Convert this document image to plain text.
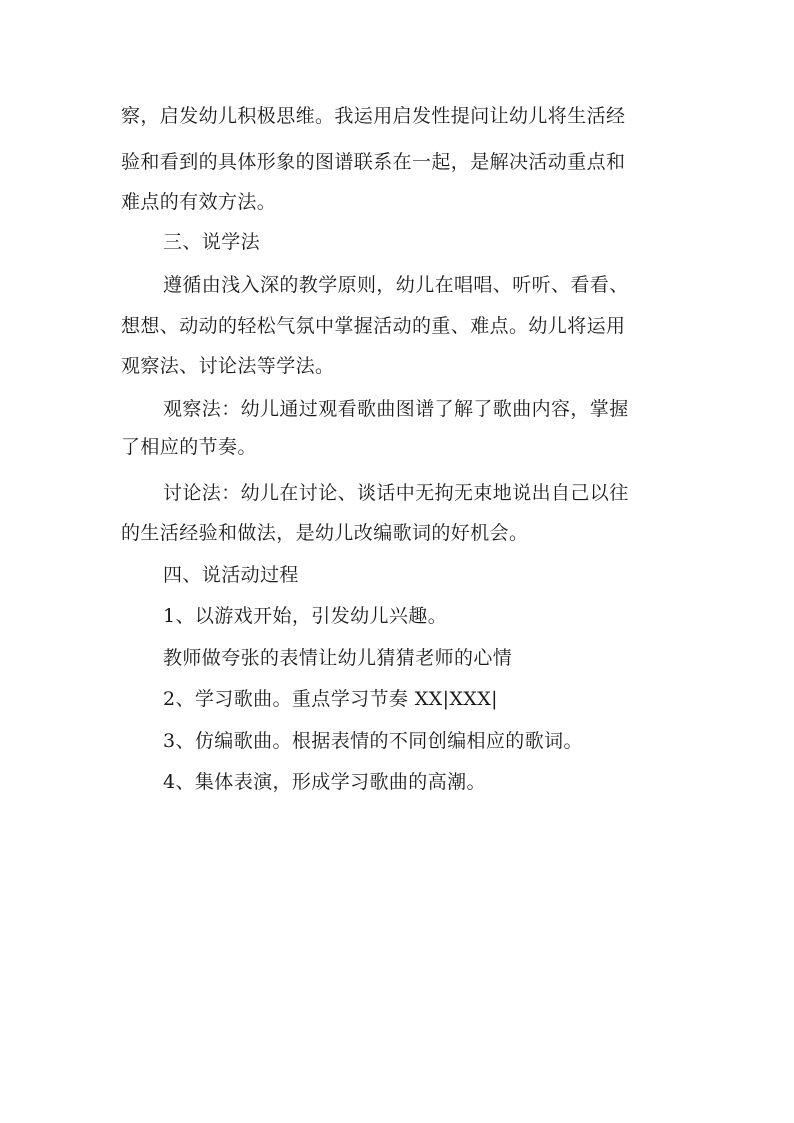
察，启发幼儿积极思维。我运用启发性提问让幼儿将生活经

验和看到的具体形象的图谱联系在一起，是解决活动重点和

难点的有效方法。

三、说学法

遵循由浅入深的教学原则，幼儿在唱唱、听听、看看、

想想、动动的轻松气氛中掌握活动的重、难点。幼儿将运用

观察法、讨论法等学法。

观察法：幼儿通过观看歌曲图谱了解了歌曲内容，掌握

了相应的节奏。

讨论法：幼儿在讨论、谈话中无拘无束地说出自己以往

的生活经验和做法，是幼儿改编歌词的好机会。

四、说活动过程

1、以游戏开始，引发幼儿兴趣。

教师做夸张的表情让幼儿猜猜老师的心情

2、学习歌曲。重点学习节奏 XX|XXX|

3、仿编歌曲。根据表情的不同创编相应的歌词。

4、集体表演，形成学习歌曲的高潮。
